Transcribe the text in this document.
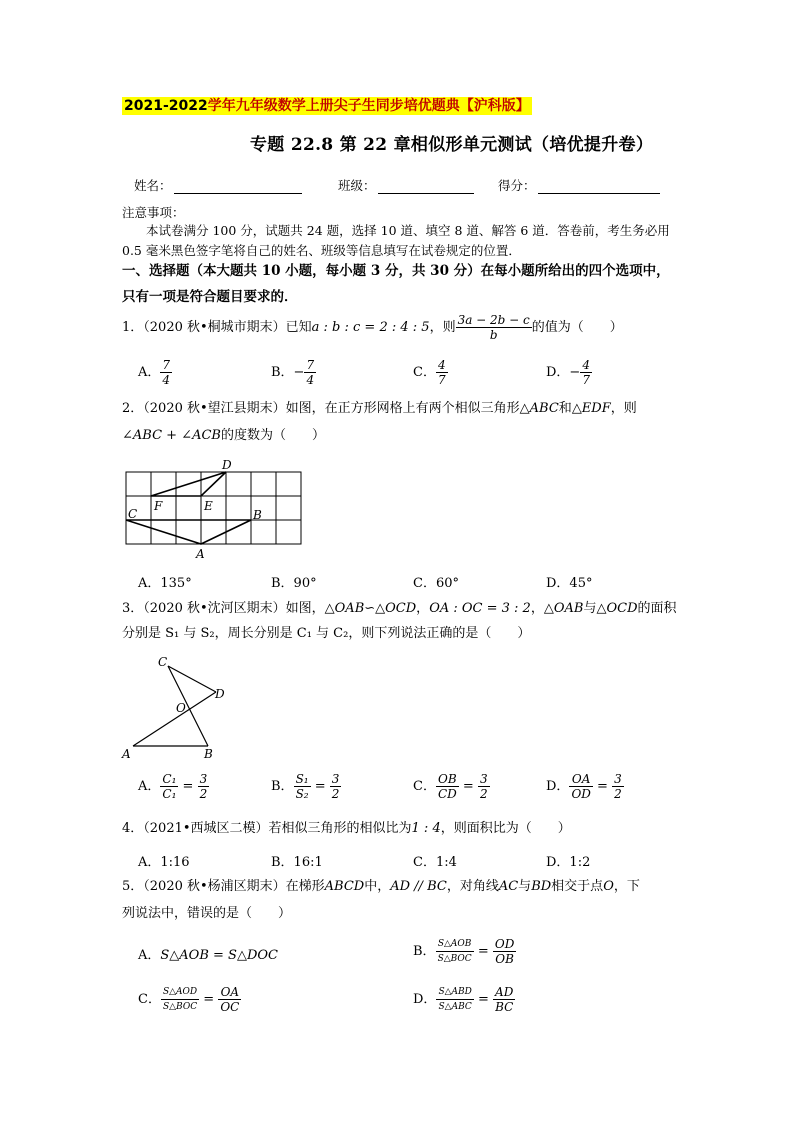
2021-2022学年九年级数学上册尖子生同步培优题典【沪科版】
专题 22.8 第 22 章相似形单元测试（培优提升卷）
姓名：	班级：	得分：
注意事项：
本试卷满分 100 分，试题共 24 题，选择 10 道、填空 8 道、解答 6 道．答卷前，考生务必用 0.5 毫米黑色签字笔将自己的姓名、班级等信息填写在试卷规定的位置．
一、选择题（本大题共 10 小题，每小题 3 分，共 30 分）在每小题所给出的四个选项中，只有一项是符合题目要求的．
1．（2020 秋•桐城市期末）已知a : b : c = 2 : 4 : 5，则 $\frac{3a - 2b - c}{b}$ 的值为（　　）
A． $\frac{7}{4}$	B．− $\frac{7}{4}$	C． $\frac{4}{7}$	D．− $\frac{4}{7}$
2．（2020 秋•望江县期末）如图，在正方形网格上有两个相似三角形△ABC和△EDF，则
∠ABC + ∠ACB的度数为（　　）
D
F	E
C	B
A
A．135°	B．90°	C．60°	D．45°
3．（2020 秋•沈河区期末）如图，△OAB∽△OCD，OA : OC = 3 : 2，△OAB与△OCD的面积
分别是 S₁ 与 S₂，周长分别是 C₁ 与 C₂，则下列说法正确的是（　　）
C
D
O
A	B
A． $\frac{\text{C₁}}{\text{C₁}} = \frac{3}{2}$	B． $\frac{\text{S₁}}{\text{S₂}} = \frac{3}{2}$	C． $\frac{OB}{CD} = \frac{3}{2}$	D． $\frac{OA}{OD} = \frac{3}{2}$
4．（2021•西城区二模）若相似三角形的相似比为1 : 4，则面积比为（　　）
A．1:16	B．16:1	C．1:4	D．1:2
5．（2020 秋•杨浦区期末）在梯形ABCD中，AD // BC，对角线AC与BD相交于点O，下
列说法中，错误的是（　　）
A．S△AOB = S△DOC	B． $\frac{\text{S△AOB}}{\text{S△BOC}} = \frac{OD}{OB}$
C． $\frac{\text{S△AOD}}{\text{S△BOC}} = \frac{OA}{OC}$	D． $\frac{\text{S△ABD}}{\text{S△ABC}} = \frac{AD}{BC}$
